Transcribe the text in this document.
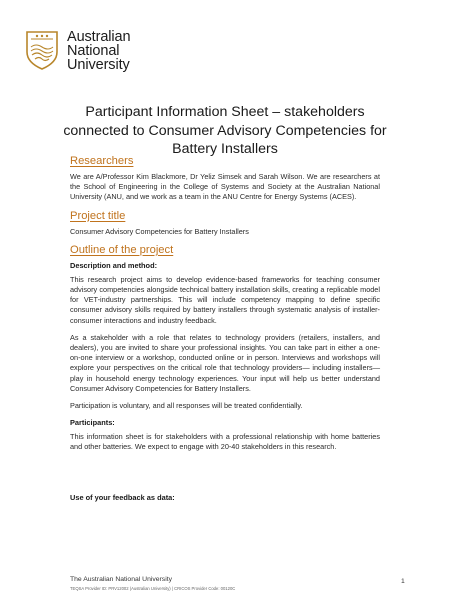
Australian
National
University
Participant Information Sheet – stakeholders
connected to Consumer Advisory Competencies for
Battery Installers
Researchers
We are A/Professor Kim Blackmore, Dr Yeliz Simsek and Sarah Wilson. We are researchers at the School of Engineering in the College of Systems and Society at the Australian National University (ANU, and we work as a team in the ANU Centre for Energy Systems (ACES).
Project title
Consumer Advisory Competencies for Battery Installers
Outline of the project
Description and method:
This research project aims to develop evidence-based frameworks for teaching consumer advisory competencies alongside technical battery installation skills, creating a replicable model for VET-industry partnerships. This will include competency mapping to define specific consumer advisory skills required by battery installers through systematic analysis of installer-consumer interactions and industry feedback.
As a stakeholder with a role that relates to technology providers (retailers, installers, and dealers), you are invited to share your professional insights. You can take part in either a one-on-one interview or a workshop, conducted online or in person. Interviews and workshops will explore your perspectives on the critical role that technology providers— including installers—play in household energy technology experiences. Your input will help us better understand Consumer Advisory Competencies for Battery Installers.
Participation is voluntary, and all responses will be treated confidentially.
Participants:
This information sheet is for stakeholders with a professional relationship with home batteries and other batteries. We expect to engage with 20-40 stakeholders in this research.
Use of your feedback as data:
The Australian National University
TEQSA Provider ID: PRV12002 (Australian University) | CRICOS Provider Code: 00120C
1
